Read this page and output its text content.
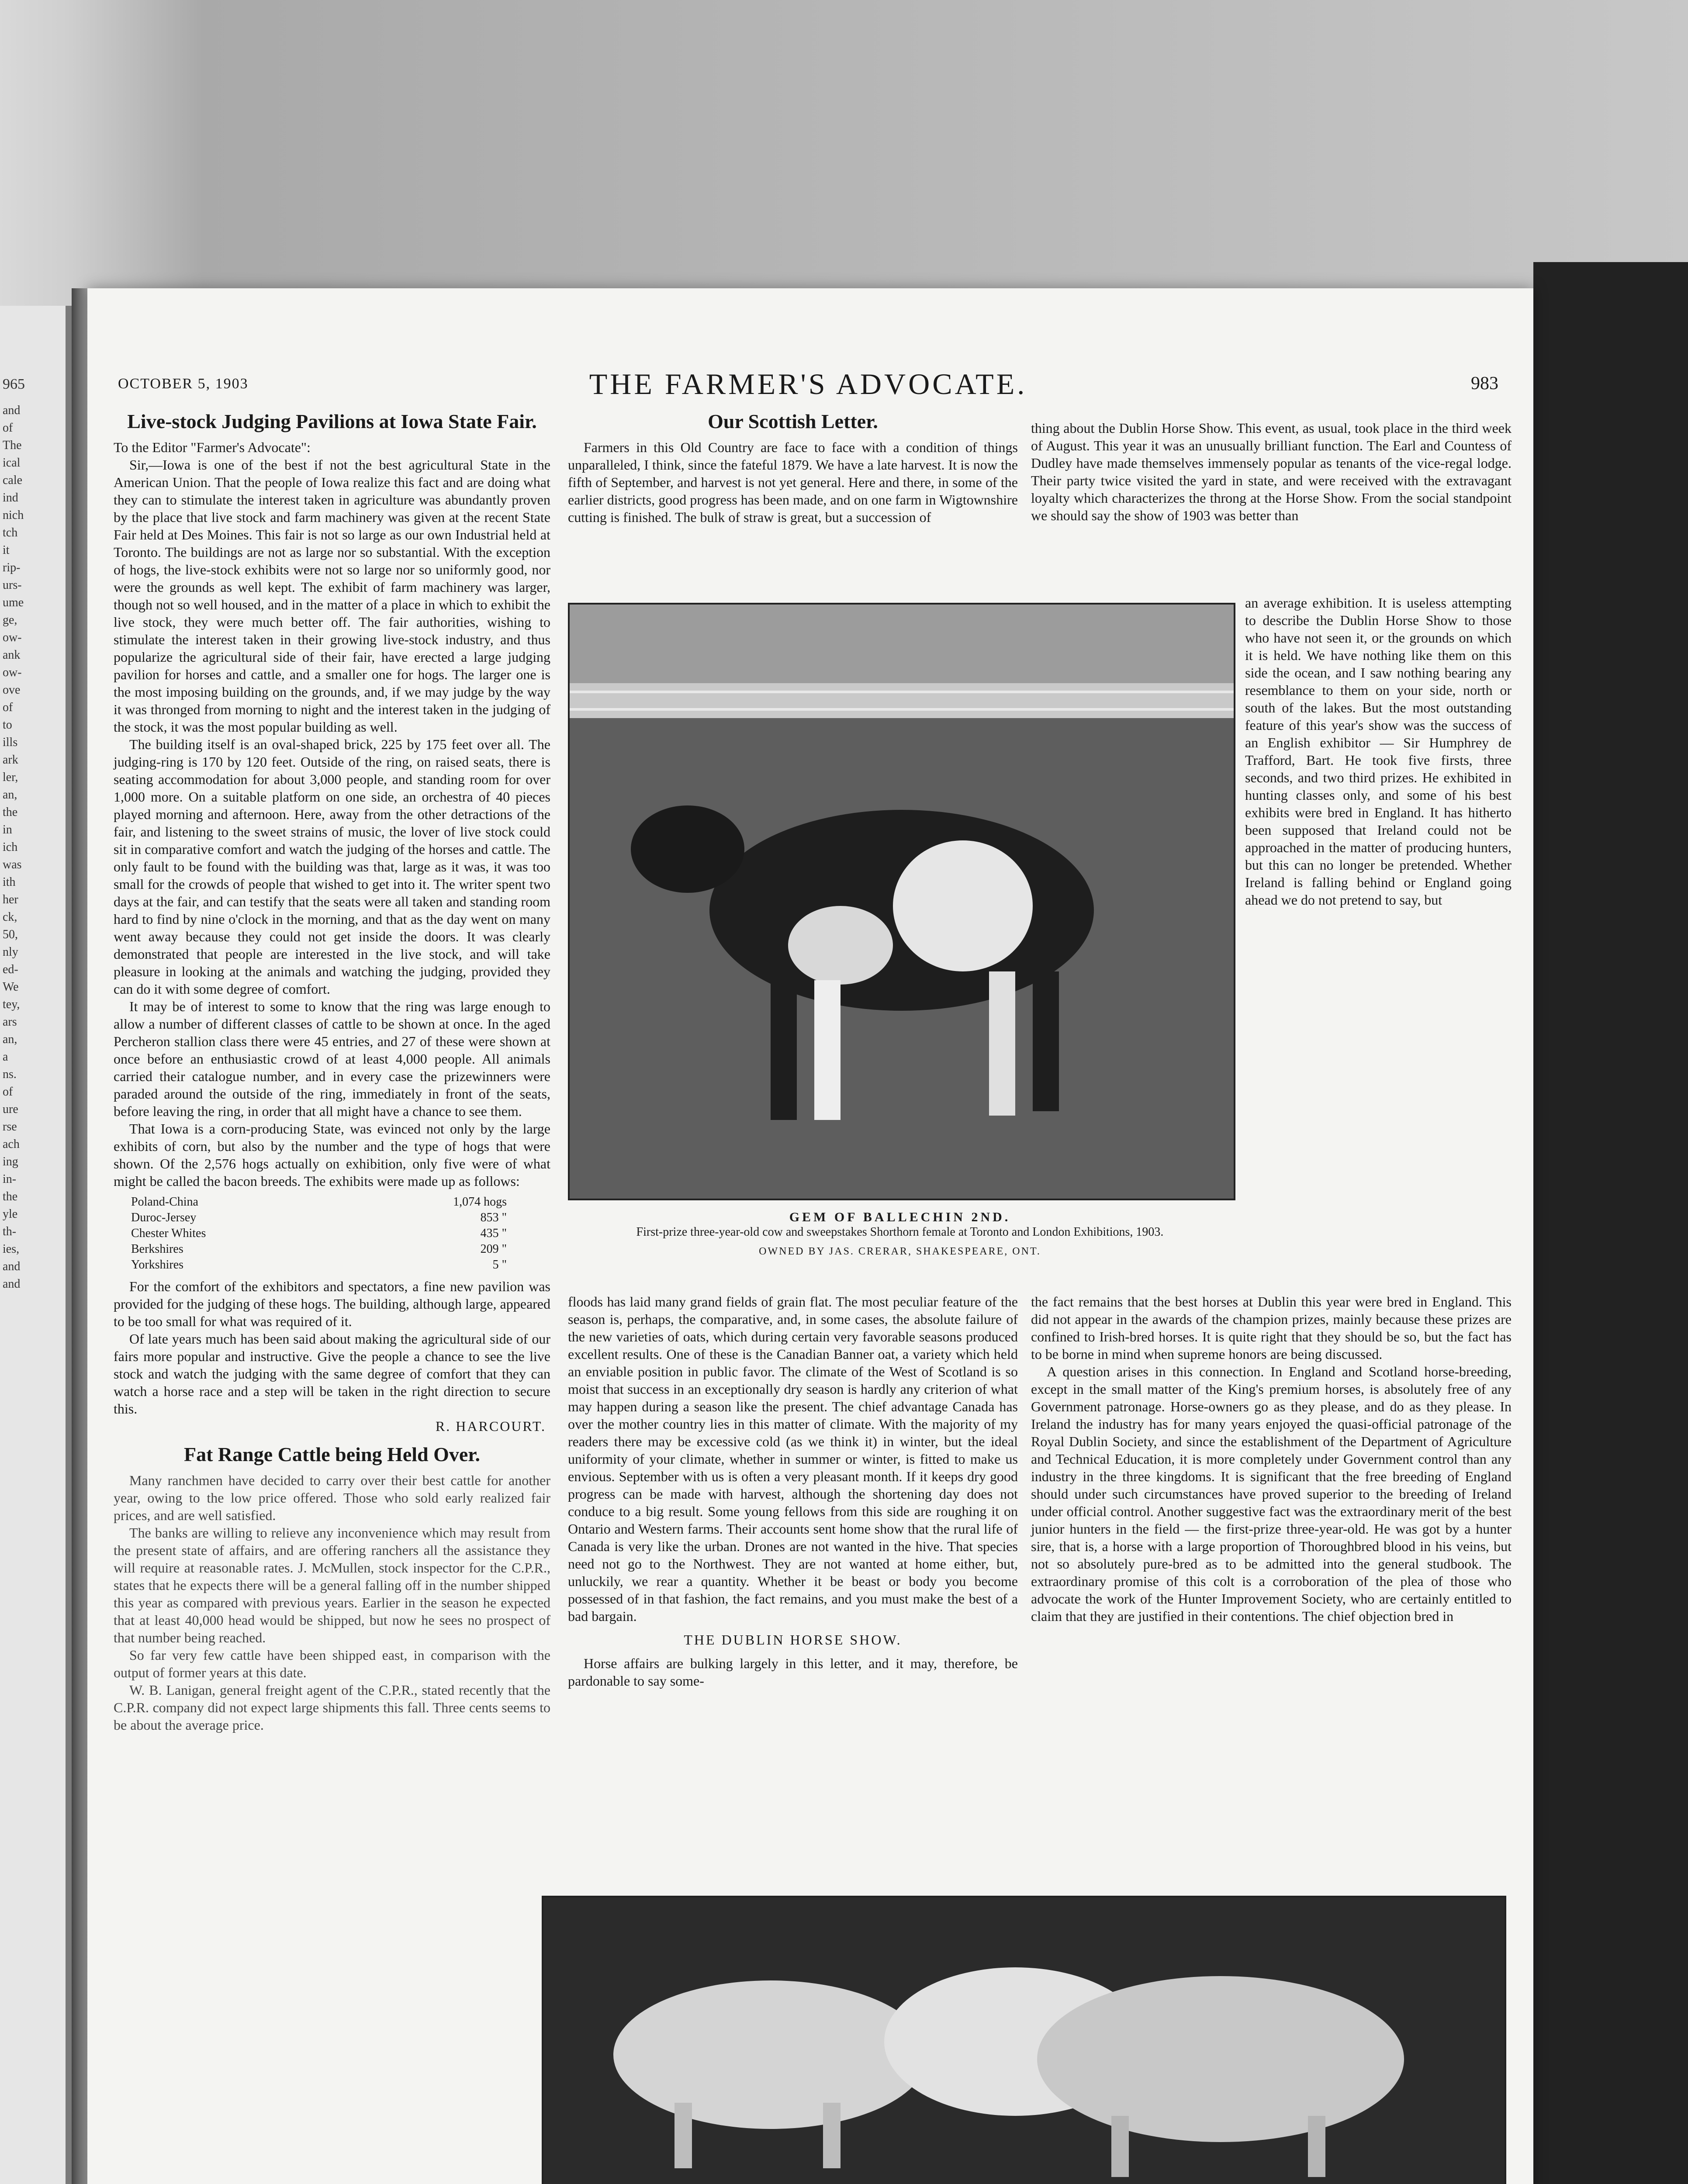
965
and
of
The
ical
cale
ind
nich
tch
it
rip-
urs-
ume
ge,
ow-
ank
ow-
ove
of
to
ills
ark
ler,
an,
the
in
ich
was
ith
her
ck,
50,
nly
ed-
We
tey,
ars
an,
a
ns.
of
ure
rse
ach
ing
in-
the
yle
th-
ies,
and
and
OCTOBER 5, 1903	THE FARMER'S ADVOCATE.	983
Live-stock Judging Pavilions at Iowa State Fair.

To the Editor "Farmer's Advocate":

Sir,—Iowa is one of the best if not the best agricultural State in the American Union. That the people of Iowa realize this fact and are doing what they can to stimulate the interest taken in agriculture was abundantly proven by the place that live stock and farm machinery was given at the recent State Fair held at Des Moines. This fair is not so large as our own Industrial held at Toronto. The buildings are not as large nor so substantial. With the exception of hogs, the live-stock exhibits were not so large nor so uniformly good, nor were the grounds as well kept. The exhibit of farm machinery was larger, though not so well housed, and in the matter of a place in which to exhibit the live stock, they were much better off. The fair authorities, wishing to stimulate the interest taken in their growing live-stock industry, and thus popularize the agricultural side of their fair, have erected a large judging pavilion for horses and cattle, and a smaller one for hogs. The larger one is the most imposing building on the grounds, and, if we may judge by the way it was thronged from morning to night and the interest taken in the judging of the stock, it was the most popular building as well.

The building itself is an oval-shaped brick, 225 by 175 feet over all. The judging-ring is 170 by 120 feet. Outside of the ring, on raised seats, there is seating accommodation for about 3,000 people, and standing room for over 1,000 more. On a suitable platform on one side, an orchestra of 40 pieces played morning and afternoon. Here, away from the other detractions of the fair, and listening to the sweet strains of music, the lover of live stock could sit in comparative comfort and watch the judging of the horses and cattle. The only fault to be found with the building was that, large as it was, it was too small for the crowds of people that wished to get into it. The writer spent two days at the fair, and can testify that the seats were all taken and standing room hard to find by nine o'clock in the morning, and that as the day went on many went away because they could not get inside the doors. It was clearly demonstrated that people are interested in the live stock, and will take pleasure in looking at the animals and watching the judging, provided they can do it with some degree of comfort.

It may be of interest to some to know that the ring was large enough to allow a number of different classes of cattle to be shown at once. In the aged Percheron stallion class there were 45 entries, and 27 of these were shown at once before an enthusiastic crowd of at least 4,000 people. All animals carried their catalogue number, and in every case the prizewinners were paraded around the outside of the ring, immediately in front of the seats, before leaving the ring, in order that all might have a chance to see them.

That Iowa is a corn-producing State, was evinced not only by the large exhibits of corn, but also by the number and the type of hogs that were shown. Of the 2,576 hogs actually on exhibition, only five were of what might be called the bacon breeds. The exhibits were made up as follows:

Poland-China		1,074 hogs
Duroc-Jersey		853 "
Chester Whites		435 "
Berkshires		209 "
Yorkshires		5 "

For the comfort of the exhibitors and spectators, a fine new pavilion was provided for the judging of these hogs. The building, although large, appeared to be too small for what was required of it.

Of late years much has been said about making the agricultural side of our fairs more popular and instructive. Give the people a chance to see the live stock and watch the judging with the same degree of comfort that they can watch a horse race and a step will be taken in the right direction to secure this.

R. HARCOURT.
Fat Range Cattle being Held Over.

Many ranchmen have decided to carry over their best cattle for another year, owing to the low price offered. Those who sold early realized fair prices, and are well satisfied.

The banks are willing to relieve any inconvenience which may result from the present state of affairs, and are offering ranchers all the assistance they will require at reasonable rates. J. McMullen, stock inspector for the C.P.R., states that he expects there will be a general falling off in the number shipped this year as compared with previous years. Earlier in the season he expected that at least 40,000 head would be shipped, but now he sees no prospect of that number being reached.

So far very few cattle have been shipped east, in comparison with the output of former years at this date.

W. B. Lanigan, general freight agent of the C.P.R., stated recently that the C.P.R. company did not expect large shipments this fall. Three cents seems to be about the average price.

Our Scottish Letter.

Farmers in this Old Country are face to face with a condition of things unparalleled, I think, since the fateful 1879. We have a late harvest. It is now the fifth of September, and harvest is not yet general. Here and there, in some of the earlier districts, good progress has been made, and on one farm in Wigtownshire cutting is finished. The bulk of straw is great, but a succession of

thing about the Dublin Horse Show. This event, as usual, took place in the third week of August. This year it was an unusually brilliant function. The Earl and Countess of Dudley have made themselves immensely popular as tenants of the vice-regal lodge. Their party twice visited the yard in state, and were received with the extravagant loyalty which characterizes the throng at the Horse Show. From the social standpoint we should say the show of 1903 was better than

GEM OF BALLECHIN 2ND.
First-prize three-year-old cow and sweepstakes Shorthorn female at Toronto and London Exhibitions, 1903.
OWNED BY JAS. CRERAR, SHAKESPEARE, ONT.

an average exhibition. It is useless attempting to describe the Dublin Horse Show to those who have not seen it, or the grounds on which it is held. We have nothing like them on this side the ocean, and I saw nothing bearing any resemblance to them on your side, north or south of the lakes. But the most outstanding feature of this year's show was the success of an English exhibitor — Sir Humphrey de Trafford, Bart. He took five firsts, three seconds, and two third prizes. He exhibited in hunting classes only, and some of his best exhibits were bred in England. It has hitherto been supposed that Ireland could not be approached in the matter of producing hunters, but this can no longer be pretended. Whether Ireland is falling behind or England going ahead we do not pretend to say, but

floods has laid many grand fields of grain flat. The most peculiar feature of the season is, perhaps, the comparative, and, in some cases, the absolute failure of the new varieties of oats, which during certain very favorable seasons produced excellent results. One of these is the Canadian Banner oat, a variety which held an enviable position in public favor. The climate of the West of Scotland is so moist that success in an exceptionally dry season is hardly any criterion of what may happen during a season like the present. The chief advantage Canada has over the mother country lies in this matter of climate. With the majority of my readers there may be excessive cold (as we think it) in winter, but the ideal uniformity of your climate, whether in summer or winter, is fitted to make us envious. September with us is often a very pleasant month. If it keeps dry good progress can be made with harvest, although the shortening day does not conduce to a big result. Some young fellows from this side are roughing it on Ontario and Western farms. Their accounts sent home show that the rural life of Canada is very like the urban. Drones are not wanted in the hive. That species need not go to the Northwest. They are not wanted at home either, but, unluckily, we rear a quantity. Whether it be beast or body you become possessed of in that fashion, the fact remains, and you must make the best of a bad bargain.

THE DUBLIN HORSE SHOW.

Horse affairs are bulking largely in this letter, and it may, therefore, be pardonable to say some-

the fact remains that the best horses at Dublin this year were bred in England. This did not appear in the awards of the champion prizes, mainly because these prizes are confined to Irish-bred horses. It is quite right that they should be so, but the fact has to be borne in mind when supreme honors are being discussed.

A question arises in this connection. In England and Scotland horse-breeding, except in the small matter of the King's premium horses, is absolutely free of any Government patronage. Horse-owners go as they please, and do as they please. In Ireland the industry has for many years enjoyed the quasi-official patronage of the Royal Dublin Society, and since the establishment of the Department of Agriculture and Technical Education, it is more completely under Government control than any industry in the three kingdoms. It is significant that the free breeding of England should under such circumstances have proved superior to the breeding of Ireland under official control. Another suggestive fact was the extraordinary merit of the best junior hunters in the field — the first-prize three-year-old. He was got by a hunter sire, that is, a horse with a large proportion of Thoroughbred blood in his veins, but not so absolutely pure-bred as to be admitted into the general studbook. The extraordinary promise of this colt is a corroboration of the plea of those who advocate the work of the Hunter Improvement Society, who are certainly entitled to claim that they are justified in their contentions. The chief objection bred in
